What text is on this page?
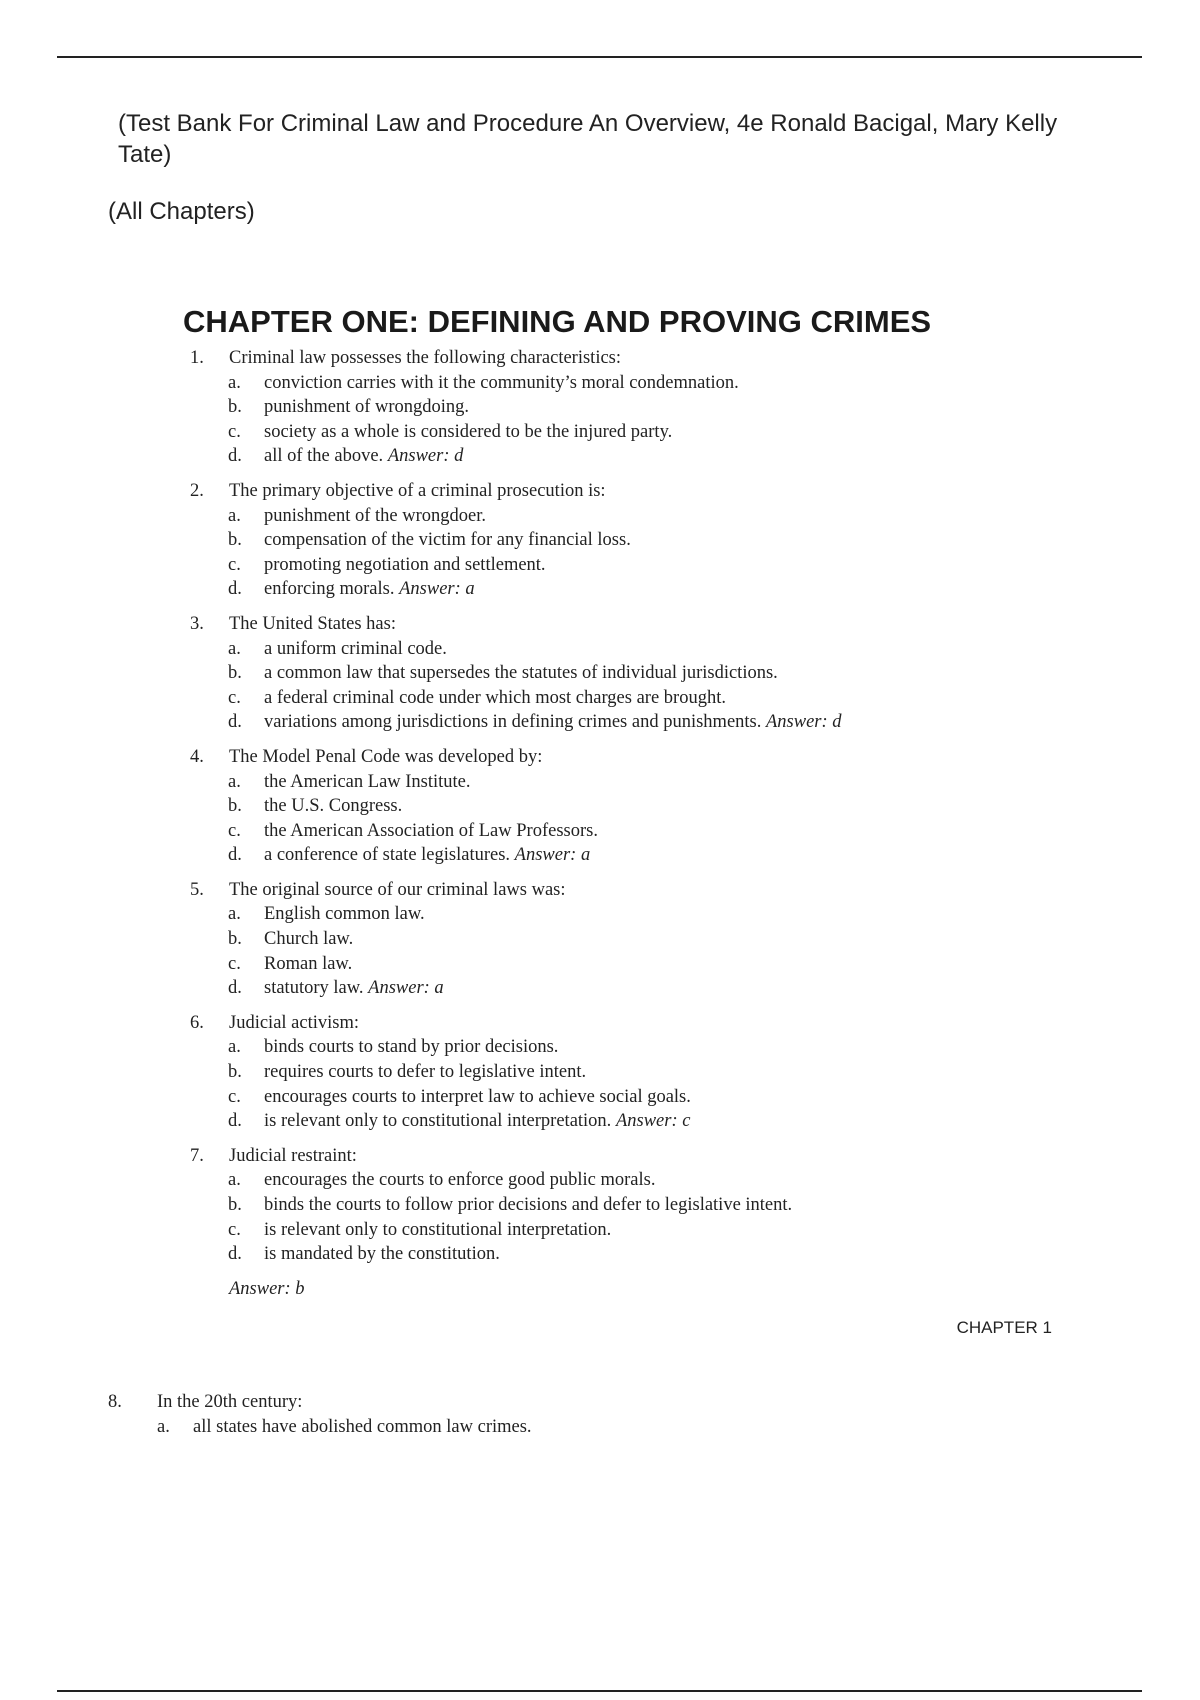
(Test Bank For Criminal Law and Procedure An Overview, 4e Ronald Bacigal, Mary Kelly Tate)
(All Chapters)
CHAPTER ONE: DEFINING AND PROVING CRIMES
1. Criminal law possesses the following characteristics:
a. conviction carries with it the community’s moral condemnation.
b. punishment of wrongdoing.
c. society as a whole is considered to be the injured party.
d. all of the above. Answer: d
2. The primary objective of a criminal prosecution is:
a. punishment of the wrongdoer.
b. compensation of the victim for any financial loss.
c. promoting negotiation and settlement.
d. enforcing morals. Answer: a
3. The United States has:
a. a uniform criminal code.
b. a common law that supersedes the statutes of individual jurisdictions.
c. a federal criminal code under which most charges are brought.
d. variations among jurisdictions in defining crimes and punishments. Answer: d
4. The Model Penal Code was developed by:
a. the American Law Institute.
b. the U.S. Congress.
c. the American Association of Law Professors.
d. a conference of state legislatures. Answer: a
5. The original source of our criminal laws was:
a. English common law.
b. Church law.
c. Roman law.
d. statutory law. Answer: a
6. Judicial activism:
a. binds courts to stand by prior decisions.
b. requires courts to defer to legislative intent.
c. encourages courts to interpret law to achieve social goals.
d. is relevant only to constitutional interpretation. Answer: c
7. Judicial restraint:
a. encourages the courts to enforce good public morals.
b. binds the courts to follow prior decisions and defer to legislative intent.
c. is relevant only to constitutional interpretation.
d. is mandated by the constitution.
Answer: b
CHAPTER 1
8. In the 20th century:
a. all states have abolished common law crimes.
